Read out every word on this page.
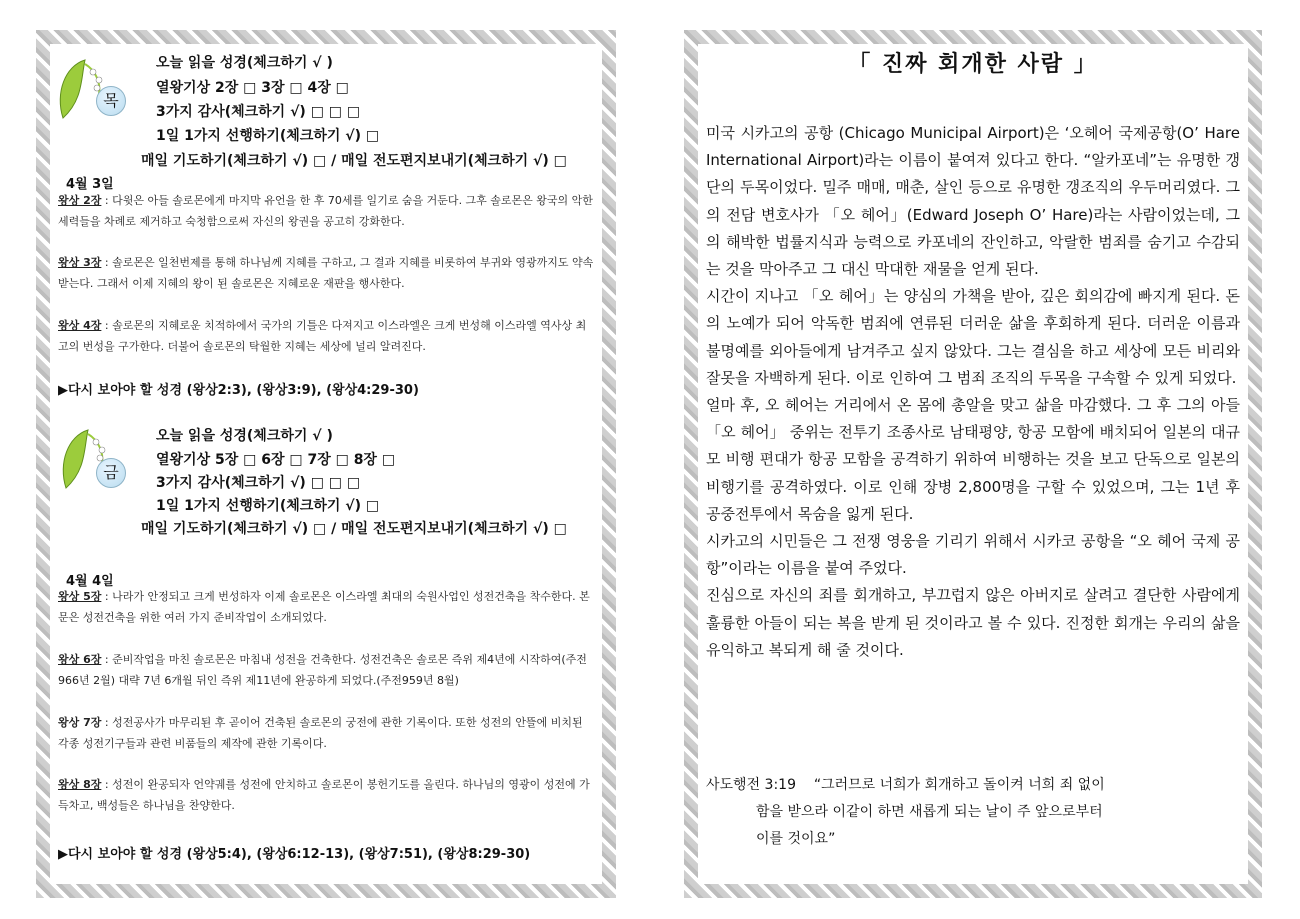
목
오늘 읽을 성경(체크하기 √ )
열왕기상 2장 □ 3장 □ 4장 □
3가지 감사(체크하기 √) □ □ □
1일 1가지 선행하기(체크하기 √) □
매일 기도하기(체크하기 √) □ / 매일 전도편지보내기(체크하기 √) □
4월 3일
왕상 2장 : 다윗은 아들 솔로몬에게 마지막 유언을 한 후 70세를 일기로 숨을 거둔다. 그후 솔로몬은 왕국의 악한 세력들을 차례로 제거하고 숙청함으로써 자신의 왕권을 공고히 강화한다.
왕상 3장 : 솔로몬은 일천번제를 통해 하나님께 지혜를 구하고, 그 결과 지혜를 비롯하여 부귀와 영광까지도 약속 받는다. 그래서 이제 지혜의 왕이 된 솔로몬은 지혜로운 재판을 행사한다.
왕상 4장 : 솔로몬의 지혜로운 치적하에서 국가의 기틀은 다져지고 이스라엘은 크게 번성해 이스라엘 역사상 최고의 번성을 구가한다. 더불어 솔로몬의 탁월한 지혜는 세상에 널리 알려진다.
▶다시 보아야 할 성경 (왕상2:3), (왕상3:9), (왕상4:29-30)
금
오늘 읽을 성경(체크하기 √ )
열왕기상 5장 □ 6장 □ 7장 □ 8장 □
3가지 감사(체크하기 √) □ □ □
1일 1가지 선행하기(체크하기 √) □
매일 기도하기(체크하기 √) □ / 매일 전도편지보내기(체크하기 √) □
4월 4일
왕상 5장 : 나라가 안정되고 크게 번성하자 이제 솔로몬은 이스라엘 최대의 숙원사업인 성전건축을 착수한다. 본문은 성전건축을 위한 여러 가지 준비작업이 소개되었다.
왕상 6장 : 준비작업을 마친 솔로몬은 마침내 성전을 건축한다. 성전건축은 솔로몬 즉위 제4년에 시작하여(주전966년 2월) 대략 7년 6개월 뒤인 즉위 제11년에 완공하게 되었다.(주전959년 8월)
왕상 7장 : 성전공사가 마무리된 후 곧이어 건축된 솔로몬의 궁전에 관한 기록이다. 또한 성전의 안뜰에 비치된 각종 성전기구들과 관련 비품들의 제작에 관한 기록이다.
왕상 8장 : 성전이 완공되자 언약궤를 성전에 안치하고 솔로몬이 봉헌기도를 올린다. 하나님의 영광이 성전에 가득차고, 백성들은 하나님을 찬양한다.
▶다시 보아야 할 성경 (왕상5:4), (왕상6:12-13), (왕상7:51), (왕상8:29-30)
「 진짜 회개한 사람 」

미국 시카고의 공항 (Chicago Municipal Airport)은 ‘오헤어 국제공항(O’ Hare International Airport)라는 이름이 붙여져 있다고 한다. “알카포네”는 유명한 갱단의 두목이었다. 밀주 매매, 매춘, 살인 등으로 유명한 갱조직의 우두머리였다. 그의 전담 변호사가 「오 헤어」(Edward Joseph O’ Hare)라는 사람이었는데, 그의 해박한 법률지식과 능력으로 카포네의 잔인하고, 악랄한 범죄를 숨기고 수감되는 것을 막아주고 그 대신 막대한 재물을 얻게 된다.

시간이 지나고 「오 헤어」는 양심의 가책을 받아, 깊은 회의감에 빠지게 된다. 돈의 노예가 되어 악독한 범죄에 연류된 더러운 삶을 후회하게 된다. 더러운 이름과 불명예를 외아들에게 남겨주고 싶지 않았다. 그는 결심을 하고 세상에 모든 비리와 잘못을 자백하게 된다. 이로 인하여 그 범죄 조직의 두목을 구속할 수 있게 되었다.

얼마 후, 오 헤어는 거리에서 온 몸에 총알을 맞고 삶을 마감했다. 그 후 그의 아들 「오 헤어」 중위는 전투기 조종사로 남태평양, 항공 모함에 배치되어 일본의 대규모 비행 편대가 항공 모함을 공격하기 위하여 비행하는 것을 보고 단독으로 일본의 비행기를 공격하였다. 이로 인해 장병 2,800명을 구할 수 있었으며, 그는 1년 후 공중전투에서 목숨을 잃게 된다.

시카고의 시민들은 그 전쟁 영웅을 기리기 위해서 시카코 공항을 “오 헤어 국제 공항”이라는 이름을 붙여 주었다.

진심으로 자신의 죄를 회개하고, 부끄럽지 않은 아버지로 살려고 결단한 사람에게 훌륭한 아들이 되는 복을 받게 된 것이라고 볼 수 있다. 진정한 회개는 우리의 삶을 유익하고 복되게 해 줄 것이다.

사도행전 3:19 “그러므로 너희가 회개하고 돌이켜 너희 죄 없이
함을 받으라 이같이 하면 새롭게 되는 날이 주 앞으로부터
이를 것이요”
